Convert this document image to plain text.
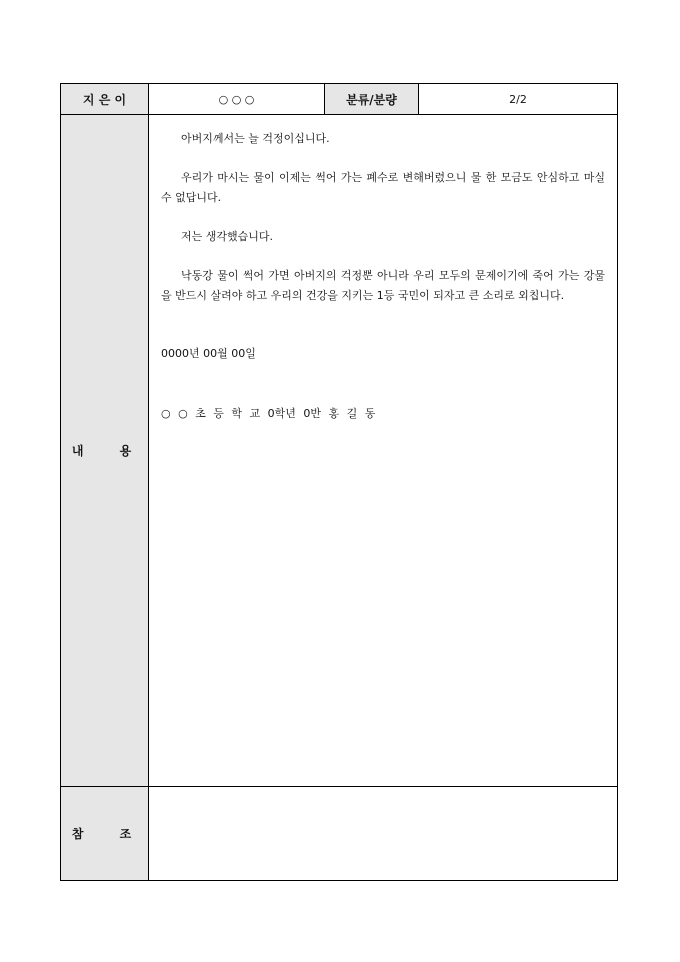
지 은 이	○ ○ ○	분류/분량	2/2
내 용

아버지께서는 늘 걱정이십니다.

우리가 마시는 물이 이제는 썩어 가는 폐수로 변해버렸으니 물 한 모금도 안심하고 마실 수 없답니다.

저는 생각했습니다.

낙동강 물이 썩어 가면 아버지의 걱정뿐 아니라 우리 모두의 문제이기에 죽어 가는 강물을 반드시 살려야 하고 우리의 건강을 지키는 1등 국민이 되자고 큰 소리로 외칩니다.

0000년 00월 00일
○ ○ 초 등 학 교 0학년 0반 홍 길 동
참 조
